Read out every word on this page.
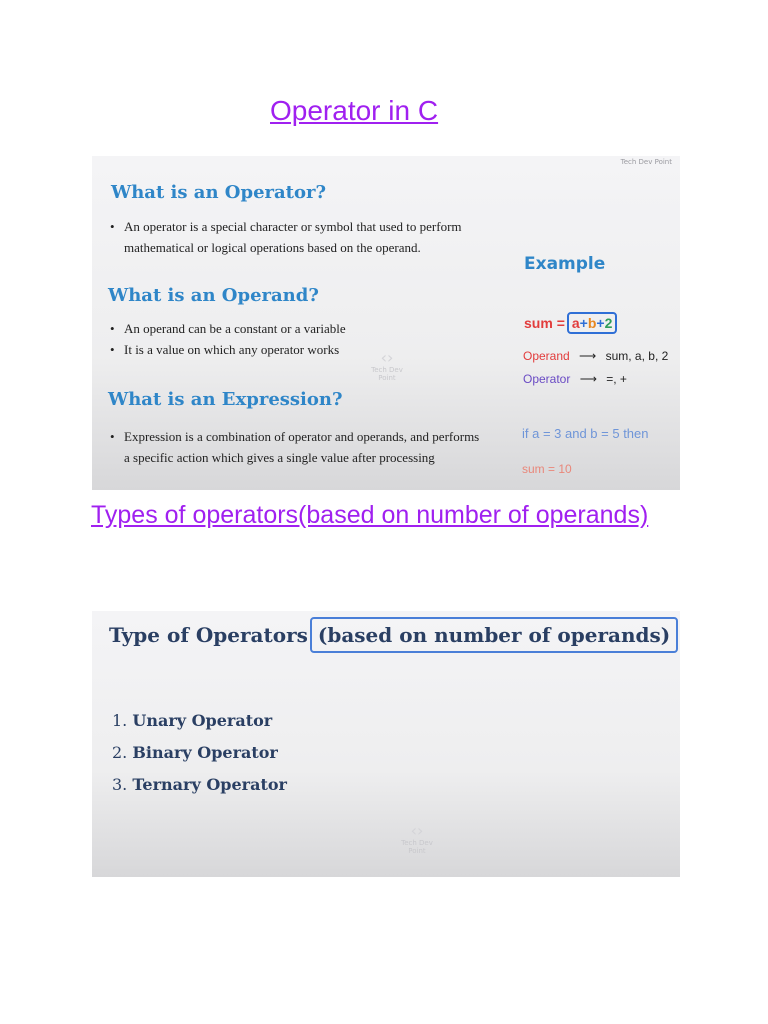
Operator in C
Tech Dev Point
What is an Operator?
• An operator is a special character or symbol that used to perform mathematical or logical operations based on the operand.
What is an Operand?
• An operand can be a constant or a variable
• It is a value on which any operator works	‹›
Tech Dev Point
What is an Expression?
• Expression is a combination of operator and operands, and performs a specific action which gives a single value after processing
Example
sum = a+b+2
Operand ⟶ sum, a, b, 2
Operator ⟶ =, +
if a = 3 and b = 5 then
sum = 10
Types of operators(based on number of operands)
Type of Operators (based on number of operands)
1. Unary Operator
2. Binary Operator
3. Ternary Operator
‹›
Tech Dev Point
